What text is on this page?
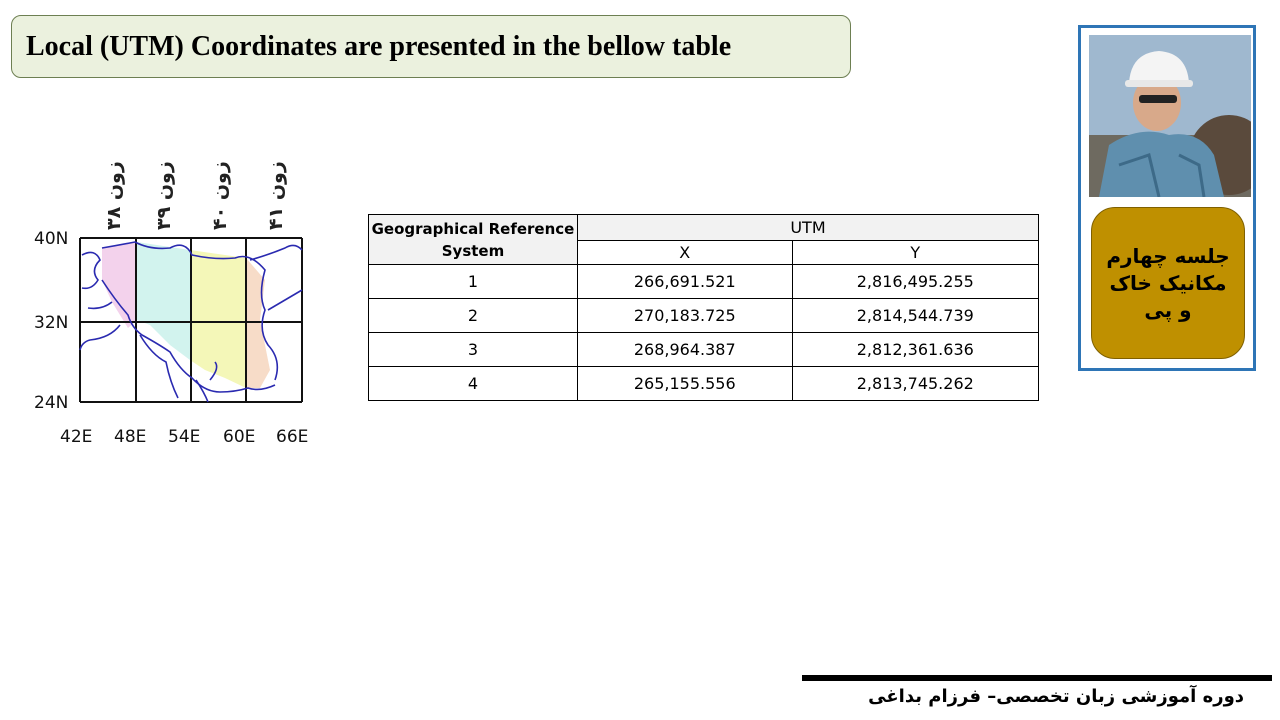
Local (UTM) Coordinates are presented in the bellow table
زون ۳۸
زون ۳۹
زون ۴۰
زون ۴۱
40N
32N
24N
42E 48E 54E 60E 66E
Geographical Reference System	UTM	
	X	Y
1	266,691.521	2,816,495.255
2	270,183.725	2,814,544.739
3	268,964.387	2,812,361.636
4	265,155.556	2,813,745.262
جلسه چهارم
مکانیک خاک
و پی
دوره آموزشی زبان تخصصی– فرزام بداغی
